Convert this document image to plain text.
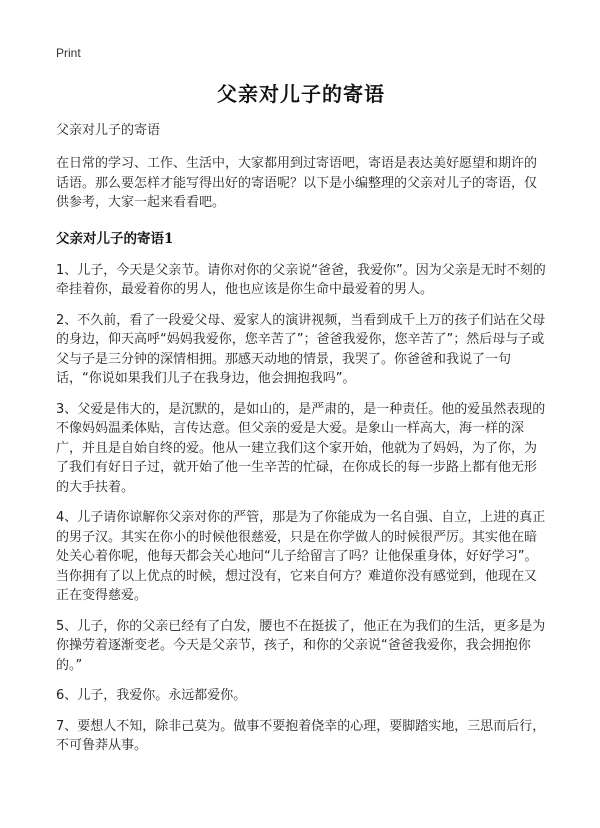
Print
父亲对儿子的寄语
父亲对儿子的寄语

在日常的学习、工作、生活中，大家都用到过寄语吧，寄语是表达美好愿望和期许的话语。那么要怎样才能写得出好的寄语呢？以下是小编整理的父亲对儿子的寄语，仅供参考，大家一起来看看吧。

父亲对儿子的寄语1

1、儿子，今天是父亲节。请你对你的父亲说“爸爸，我爱你”。因为父亲是无时不刻的牵挂着你，最爱着你的男人，他也应该是你生命中最爱着的男人。

2、不久前，看了一段爱父母、爱家人的演讲视频，当看到成千上万的孩子们站在父母的身边，仰天高呼“妈妈我爱你，您辛苦了”；爸爸我爱你，您辛苦了”；然后母与子或父与子是三分钟的深情相拥。那感天动地的情景，我哭了。你爸爸和我说了一句话，“你说如果我们儿子在我身边，他会拥抱我吗”。

3、父爱是伟大的，是沉默的，是如山的，是严肃的，是一种责任。他的爱虽然表现的不像妈妈温柔体贴，言传达意。但父亲的爱是大爱。是象山一样高大，海一样的深广，并且是自始自终的爱。他从一建立我们这个家开始，他就为了妈妈，为了你，为了我们有好日子过，就开始了他一生辛苦的忙碌，在你成长的每一步路上都有他无形的大手扶着。

4、儿子请你谅解你父亲对你的严管，那是为了你能成为一名自强、自立，上进的真正的男子汉。其实在你小的时候他很慈爱，只是在你学做人的时候很严厉。其实他在暗处关心着你呢，他每天都会关心地问“儿子给留言了吗？让他保重身体，好好学习”。当你拥有了以上优点的时候，想过没有，它来自何方？难道你没有感觉到，他现在又正在变得慈爱。

5、儿子，你的父亲已经有了白发，腰也不在挺拔了，他正在为我们的生活，更多是为你操劳着逐渐变老。今天是父亲节，孩子，和你的父亲说“爸爸我爱你，我会拥抱你的。”

6、儿子，我爱你。永远都爱你。

7、要想人不知，除非己莫为。做事不要抱着侥幸的心理，要脚踏实地，三思而后行，不可鲁莽从事。
